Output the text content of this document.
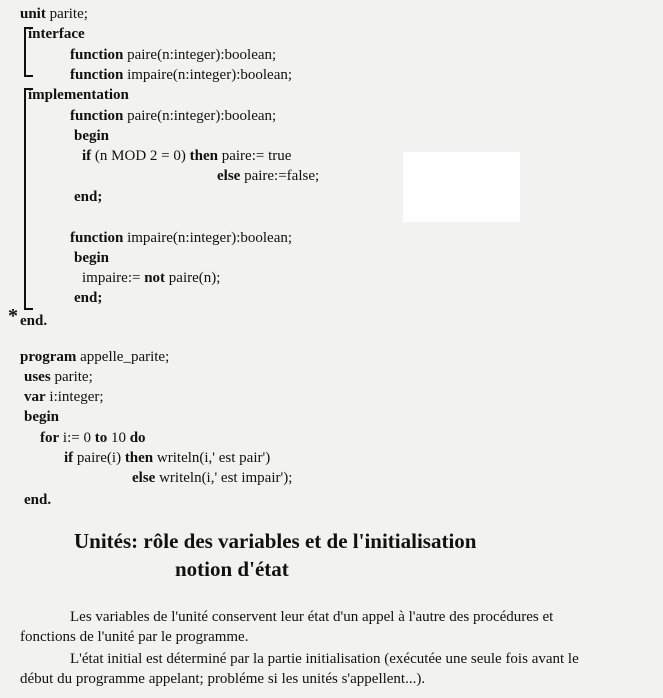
unit parite;
interface
function paire(n:integer):boolean;
function impaire(n:integer):boolean;
implementation
function paire(n:integer):boolean;
begin
if (n MOD 2 = 0) then paire:= true
else paire:=false;
end;
function impaire(n:integer):boolean;
begin
impaire:= not paire(n);
end;
* end.
program appelle_parite;
uses parite;
var i:integer;
begin
for i:= 0 to 10 do
if paire(i) then writeln(i,' est pair')
else writeln(i,' est impair');
end.
Unités: rôle des variables et de l'initialisation
notion d'état
Les variables de l'unité conservent leur état d'un appel à l'autre des procédures et
fonctions de l'unité par le programme.
L'état initial est déterminé par la partie initialisation (exécutée une seule fois avant le
début du programme appelant; probléme si les unités s'appellent...).
